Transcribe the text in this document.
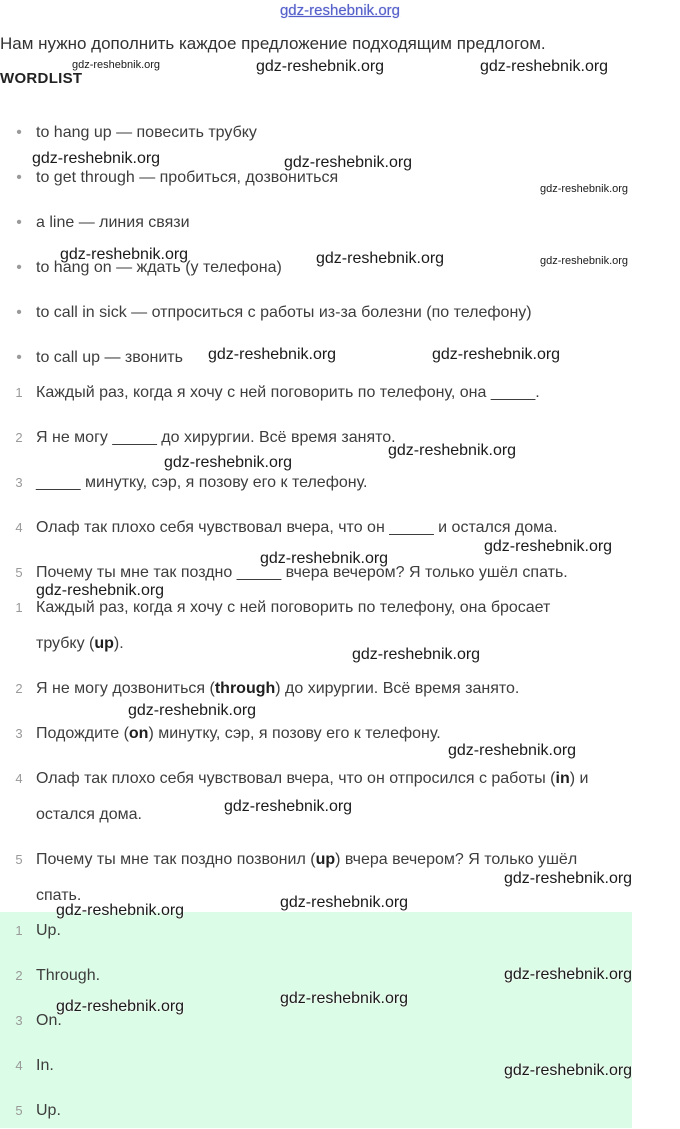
gdz-reshebnik.org
Нам нужно дополнить каждое предложение подходящим предлогом.
WORDLIST
• to hang up — повесить трубку
• to get through — пробиться, дозвониться
• a line — линия связи
• to hang on — ждать (у телефона)
• to call in sick — отпроситься с работы из-за болезни (по телефону)
• to call up — звонить
1 Каждый раз, когда я хочу с ней поговорить по телефону, она _____.
2 Я не могу _____ до хирургии. Всё время занято.
3 _____ минутку, сэр, я позову его к телефону.
4 Олаф так плохо себя чувствовал вчера, что он _____ и остался дома.
5 Почему ты мне так поздно _____ вчера вечером? Я только ушёл спать.
1 Каждый раз, когда я хочу с ней поговорить по телефону, она бросает
трубку (up).
2 Я не могу дозвониться (through) до хирургии. Всё время занято.
3 Подождите (on) минутку, сэр, я позову его к телефону.
4 Олаф так плохо себя чувствовал вчера, что он отпросился с работы (in) и
остался дома.
5 Почему ты мне так поздно позвонил (up) вчера вечером? Я только ушёл
спать.
1 Up.
2 Through.
3 On.
4 In.
5 Up.
gdz-reshebnik.org	gdz-reshebnik.org	gdz-reshebnik.org
gdz-reshebnik.org	gdz-reshebnik.org
gdz-reshebnik.org
gdz-reshebnik.org	gdz-reshebnik.org	gdz-reshebnik.org
gdz-reshebnik.org	gdz-reshebnik.org
gdz-reshebnik.org
gdz-reshebnik.org
gdz-reshebnik.org
gdz-reshebnik.org
gdz-reshebnik.org
gdz-reshebnik.org
gdz-reshebnik.org
gdz-reshebnik.org
gdz-reshebnik.org
gdz-reshebnik.org
gdz-reshebnik.org
gdz-reshebnik.org
gdz-reshebnik.org
gdz-reshebnik.org
gdz-reshebnik.org
gdz-reshebnik.org
